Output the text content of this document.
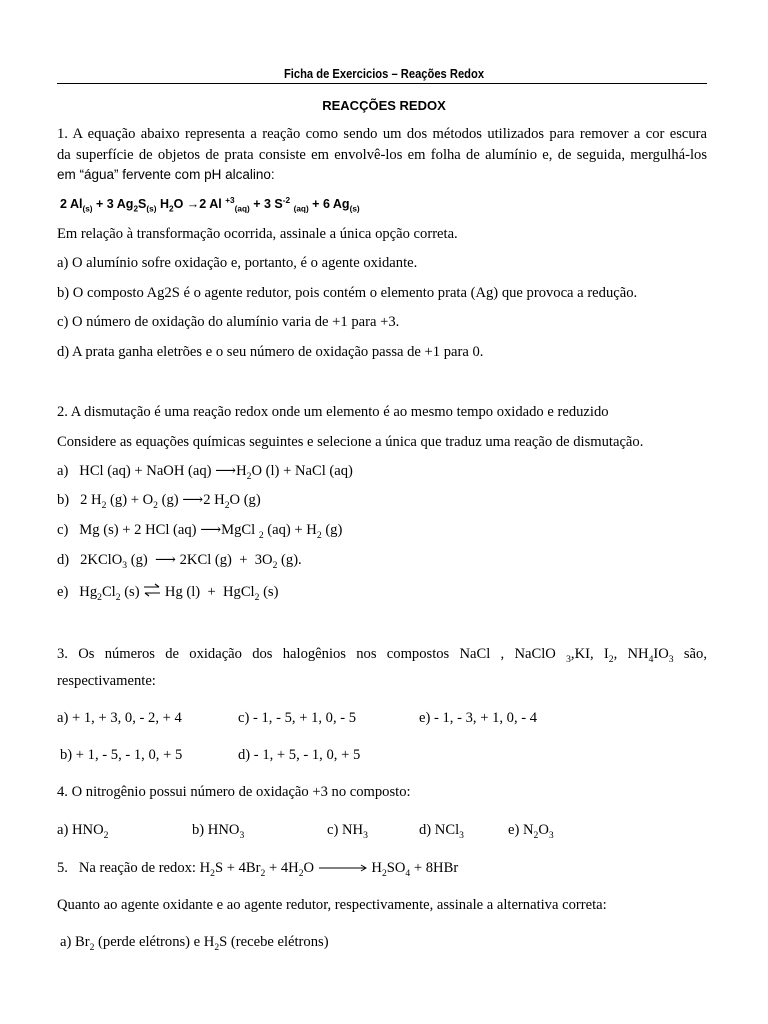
Ficha de Exercicios – Reações Redox
REACÇÕES REDOX
1. A equação abaixo representa a reação como sendo um dos métodos utilizados para remover a cor escura
da superfície de objetos de prata consiste em envolvê-los em folha de alumínio e, de seguida, mergulhá-los
em “água” fervente com pH alcalino:
2 $Al_{(s)} + 3$ $Ag_2S_{(s)}$ $H_2O \to 2$ Al $^{+3}_{(aq)}$ + 3 $S^{-2}$ $_{(aq)}$ + 6 $Ag_{(s)}$
Em relação à transformação ocorrida, assinale a única opção correta.
a) O alumínio sofre oxidação e, portanto, é o agente oxidante.
b) O composto Ag2S é o agente redutor, pois contém o elemento prata (Ag) que provoca a redução.
c) O número de oxidação do alumínio varia de +1 para +3.
d) A prata ganha eletrões e o seu número de oxidação passa de +1 para 0.
2. A dismutação é uma reação redox onde um elemento é ao mesmo tempo oxidado e reduzido
Considere as equações químicas seguintes e selecione a única que traduz uma reação de dismutação.
a)   HCl (aq) + NaOH (aq) $⟶H_2O$ (l) + NaCl (aq)
b)   2 $H_2$ $(g) + O_2$ (g) ⟶2 $H_2O$ (g)
c)   Mg (s) + 2 HCl (aq) ⟶MgCl $_2$ $(aq) + H_2$ (g)
d)   2KClO$_3$ (g)  ⟶ 2KCl $(g) + 3O_2$ (g).
e)   $Hg_2Cl_2$ (s) ⇌ Hg (l)  +  HgCl$_2$ (s)
3. Os números de oxidação dos halogênios nos compostos NaCl , NaClO $_3$,KI, $I_2$, $NH_4IO_3$ são,
respectivamente:
a) + 1, + 3, 0, - 2, + 4	c) - 1, - 5, + 1, 0, - 5	e) - 1, - 3, + 1, 0, - 4
b) + 1, - 5, - 1, 0, + 5	d) - 1, + 5, - 1, 0, + 5
4. O nitrogênio possui número de oxidação +3 no composto:
a) $HNO_2$	b) $HNO_3$	c) $NH_3$	d) NCl$_3$	e) $N_2O_3$
5.   Na reação de redox: $H_2S + 4Br_2 + 4H_2O \to H_2SO_4 + 8HBr$
Quanto ao agente oxidante e ao agente redutor, respectivamente, assinale a alternativa correta:
a) $Br_2$ (perde elétrons) e $H_2S$ (recebe elétrons)
